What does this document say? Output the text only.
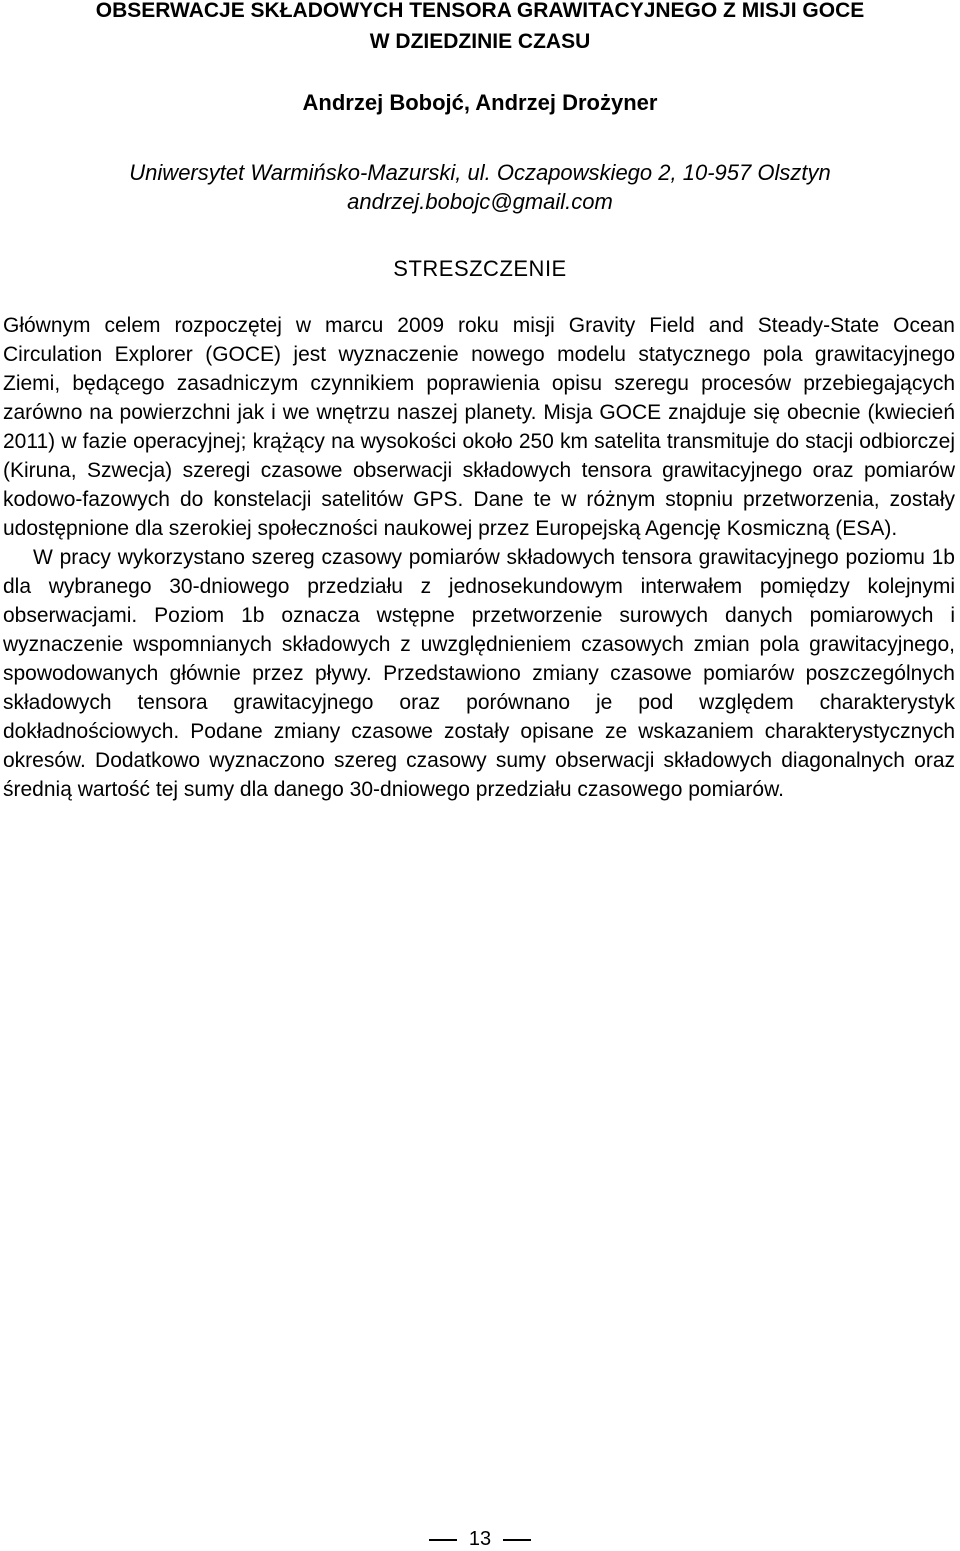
OBSERWACJE SKŁADOWYCH TENSORA GRAWITACYJNEGO Z MISJI GOCE
W DZIEDZINIE CZASU
Andrzej Bobojć, Andrzej Drożyner
Uniwersytet Warmińsko-Mazurski, ul. Oczapowskiego 2, 10-957 Olsztyn
andrzej.bobojc@gmail.com
STRESZCZENIE

Głównym celem rozpoczętej w marcu 2009 roku misji Gravity Field and Steady-State Ocean Circulation Explorer (GOCE) jest wyznaczenie nowego modelu statycznego pola grawitacyjnego Ziemi, będącego zasadniczym czynnikiem poprawienia opisu szeregu procesów przebiegających zarówno na powierzchni jak i we wnętrzu naszej planety. Misja GOCE znajduje się obecnie (kwiecień 2011) w fazie operacyjnej; krążący na wysokości około 250 km satelita transmituje do stacji odbiorczej (Kiruna, Szwecja) szeregi czasowe obserwacji składowych tensora grawitacyjnego oraz pomiarów kodowo-fazowych do konstelacji satelitów GPS. Dane te w różnym stopniu przetworzenia, zostały udostępnione dla szerokiej społeczności naukowej przez Europejską Agencję Kosmiczną (ESA).

W pracy wykorzystano szereg czasowy pomiarów składowych tensora grawitacyjnego poziomu 1b dla wybranego 30-dniowego przedziału z jednosekundowym interwałem pomiędzy kolejnymi obserwacjami. Poziom 1b oznacza wstępne przetworzenie surowych danych pomiarowych i wyznaczenie wspomnianych składowych z uwzględnieniem czasowych zmian pola grawitacyjnego, spowodowanych głównie przez pływy. Przedstawiono zmiany czasowe pomiarów poszczególnych składowych tensora grawitacyjnego oraz porównano je pod względem charakterystyk dokładnościowych. Podane zmiany czasowe zostały opisane ze wskazaniem charakterystycznych okresów. Dodatkowo wyznaczono szereg czasowy sumy obserwacji składowych diagonalnych oraz średnią wartość tej sumy dla danego 30-dniowego przedziału czasowego pomiarów.

13
